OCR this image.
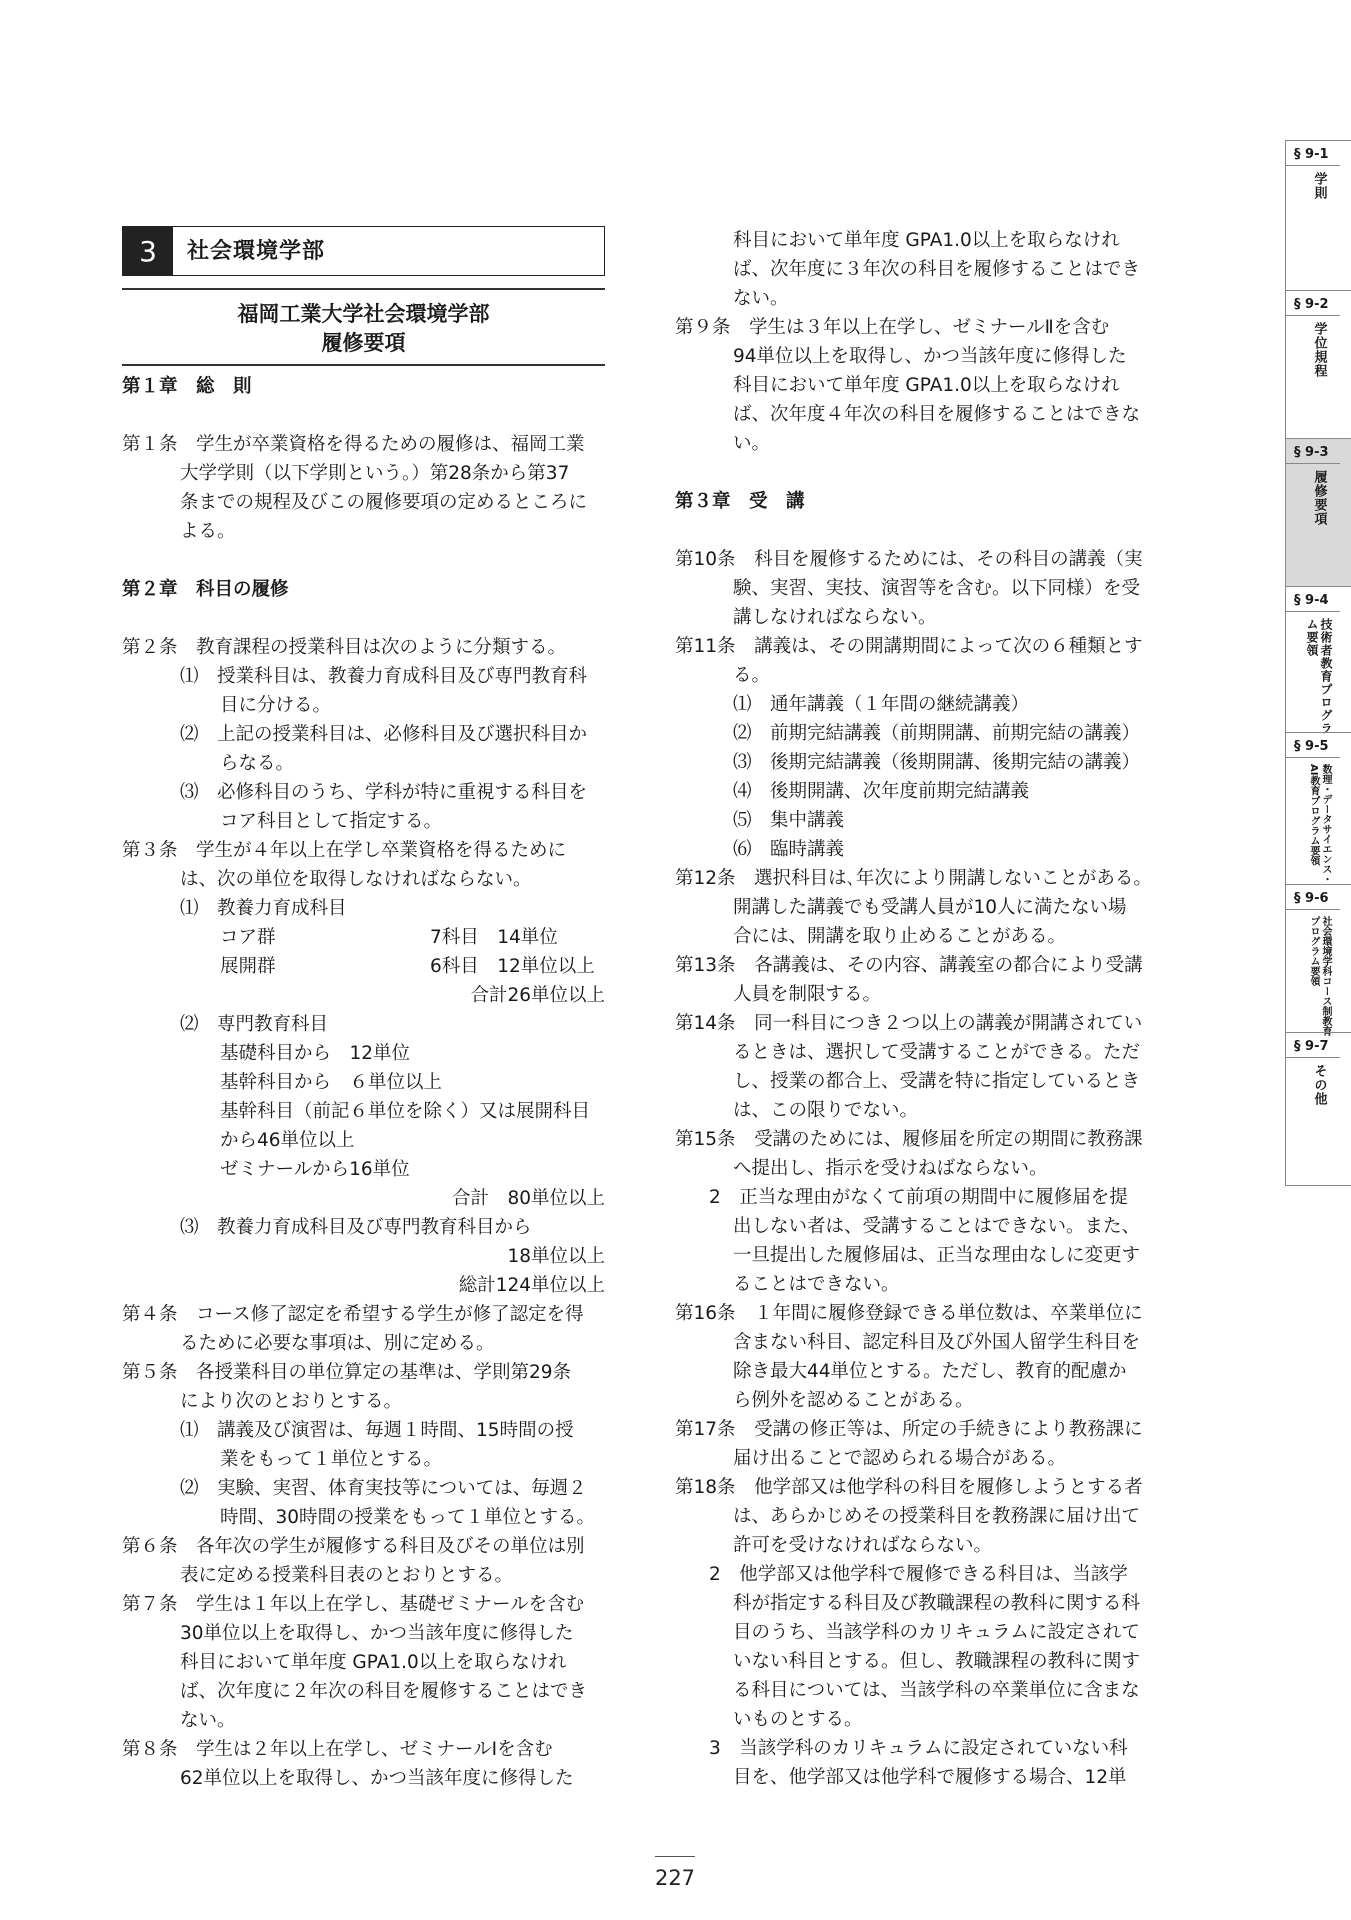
3	社会環境学部
福岡工業大学社会環境学部
履修要項
第１章　総　則
第１条　 学生が卒業資格を得るための履修は、福岡工業
大学学則（以下学則という。）第28条から第37
条までの規程及びこの履修要項の定めるところに
よる。
第２章　科目の履修
第２条　 教育課程の授業科目は次のように分類する。
⑴　 授業科目は、教養力育成科目及び専門教育科
目に分ける。
⑵　 上記の授業科目は、必修科目及び選択科目か
らなる。
⑶　 必修科目のうち、学科が特に重視する科目を
コア科目として指定する。
第３条　 学生が４年以上在学し卒業資格を得るために
は、次の単位を取得しなければならない。
⑴　教養力育成科目
コア群	7科目　14単位
展開群	6科目　12単位以上
合計26単位以上
⑵　専門教育科目
基礎科目から　12単位
基幹科目から　６単位以上
基幹科目（前記６単位を除く）又は展開科目
から46単位以上
ゼミナールから16単位
合計　80単位以上
⑶　教養力育成科目及び専門教育科目から
18単位以上
総計124単位以上
第４条　 コース修了認定を希望する学生が修了認定を得
るために必要な事項は、別に定める。
第５条　 各授業科目の単位算定の基準は、学則第29条
により次のとおりとする。
⑴　 講義及び演習は、毎週１時間、15時間の授
業をもって１単位とする。
⑵　 実験、実習、体育実技等については、毎週２
時間、30時間の授業をもって１単位とする。
第６条　 各年次の学生が履修する科目及びその単位は別
表に定める授業科目表のとおりとする。
第７条　 学生は１年以上在学し、基礎ゼミナールを含む
30単位以上を取得し、かつ当該年度に修得した
科目において単年度 GPA1.0以上を取らなけれ
ば、次年度に２年次の科目を履修することはでき
ない。
第８条　 学生は２年以上在学し、ゼミナールⅠを含む
62単位以上を取得し、かつ当該年度に修得した
科目において単年度 GPA1.0以上を取らなけれ
ば、次年度に３年次の科目を履修することはでき
ない。
第９条　 学生は３年以上在学し、ゼミナールⅡを含む
94単位以上を取得し、かつ当該年度に修得した
科目において単年度 GPA1.0以上を取らなけれ
ば、次年度４年次の科目を履修することはできな
い。
第３章　受　講
第10条　 科目を履修するためには、その科目の講義（実
験、実習、実技、演習等を含む。以下同様）を受
講しなければならない。
第11条　 講義は、その開講期間によって次の６種類とす
る。
⑴　 通年講義（１年間の継続講義）
⑵　 前期完結講義（前期開講、前期完結の講義）
⑶　 後期完結講義（後期開講、後期完結の講義）
⑷　 後期開講、次年度前期完結講義
⑸　 集中講義
⑹　 臨時講義
第12条　 選択科目は､年次により開講しないことがある。
開講した講義でも受講人員が10人に満たない場
合には、開講を取り止めることがある。
第13条　 各講義は、その内容、講義室の都合により受講
人員を制限する。
第14条　 同一科目につき２つ以上の講義が開講されてい
るときは、選択して受講することができる。ただ
し、授業の都合上、受講を特に指定しているとき
は、この限りでない。
第15条　 受講のためには、履修届を所定の期間に教務課
へ提出し、指示を受けねばならない。
2　正当な理由がなくて前項の期間中に履修届を提
出しない者は、受講することはできない。また、
一旦提出した履修届は、正当な理由なしに変更す
ることはできない。
第16条　 １年間に履修登録できる単位数は、卒業単位に
含まない科目、認定科目及び外国人留学生科目を
除き最大44単位とする。ただし、教育的配慮か
ら例外を認めることがある。
第17条　 受講の修正等は、所定の手続きにより教務課に
届け出ることで認められる場合がある。
第18条　 他学部又は他学科の科目を履修しようとする者
は、あらかじめその授業科目を教務課に届け出て
許可を受けなければならない。
2　他学部又は他学科で履修できる科目は、当該学
科が指定する科目及び教職課程の教科に関する科
目のうち、当該学科のカリキュラムに設定されて
いない科目とする。但し、教職課程の教科に関す
る科目については、当該学科の卒業単位に含まな
いものとする。
3　当該学科のカリキュラムに設定されていない科
目を、他学部又は他学科で履修する場合、12単
§ 9-1
学則
§ 9-2
学位規程
§ 9-3
履修要項
§ 9-4
技術者教育プログラム要領
§ 9-5
数理・データサイエンス・AI教育プログラム要領
§ 9-6
社会環境学科コース制教育プログラム要領
§ 9-7
その他
227
